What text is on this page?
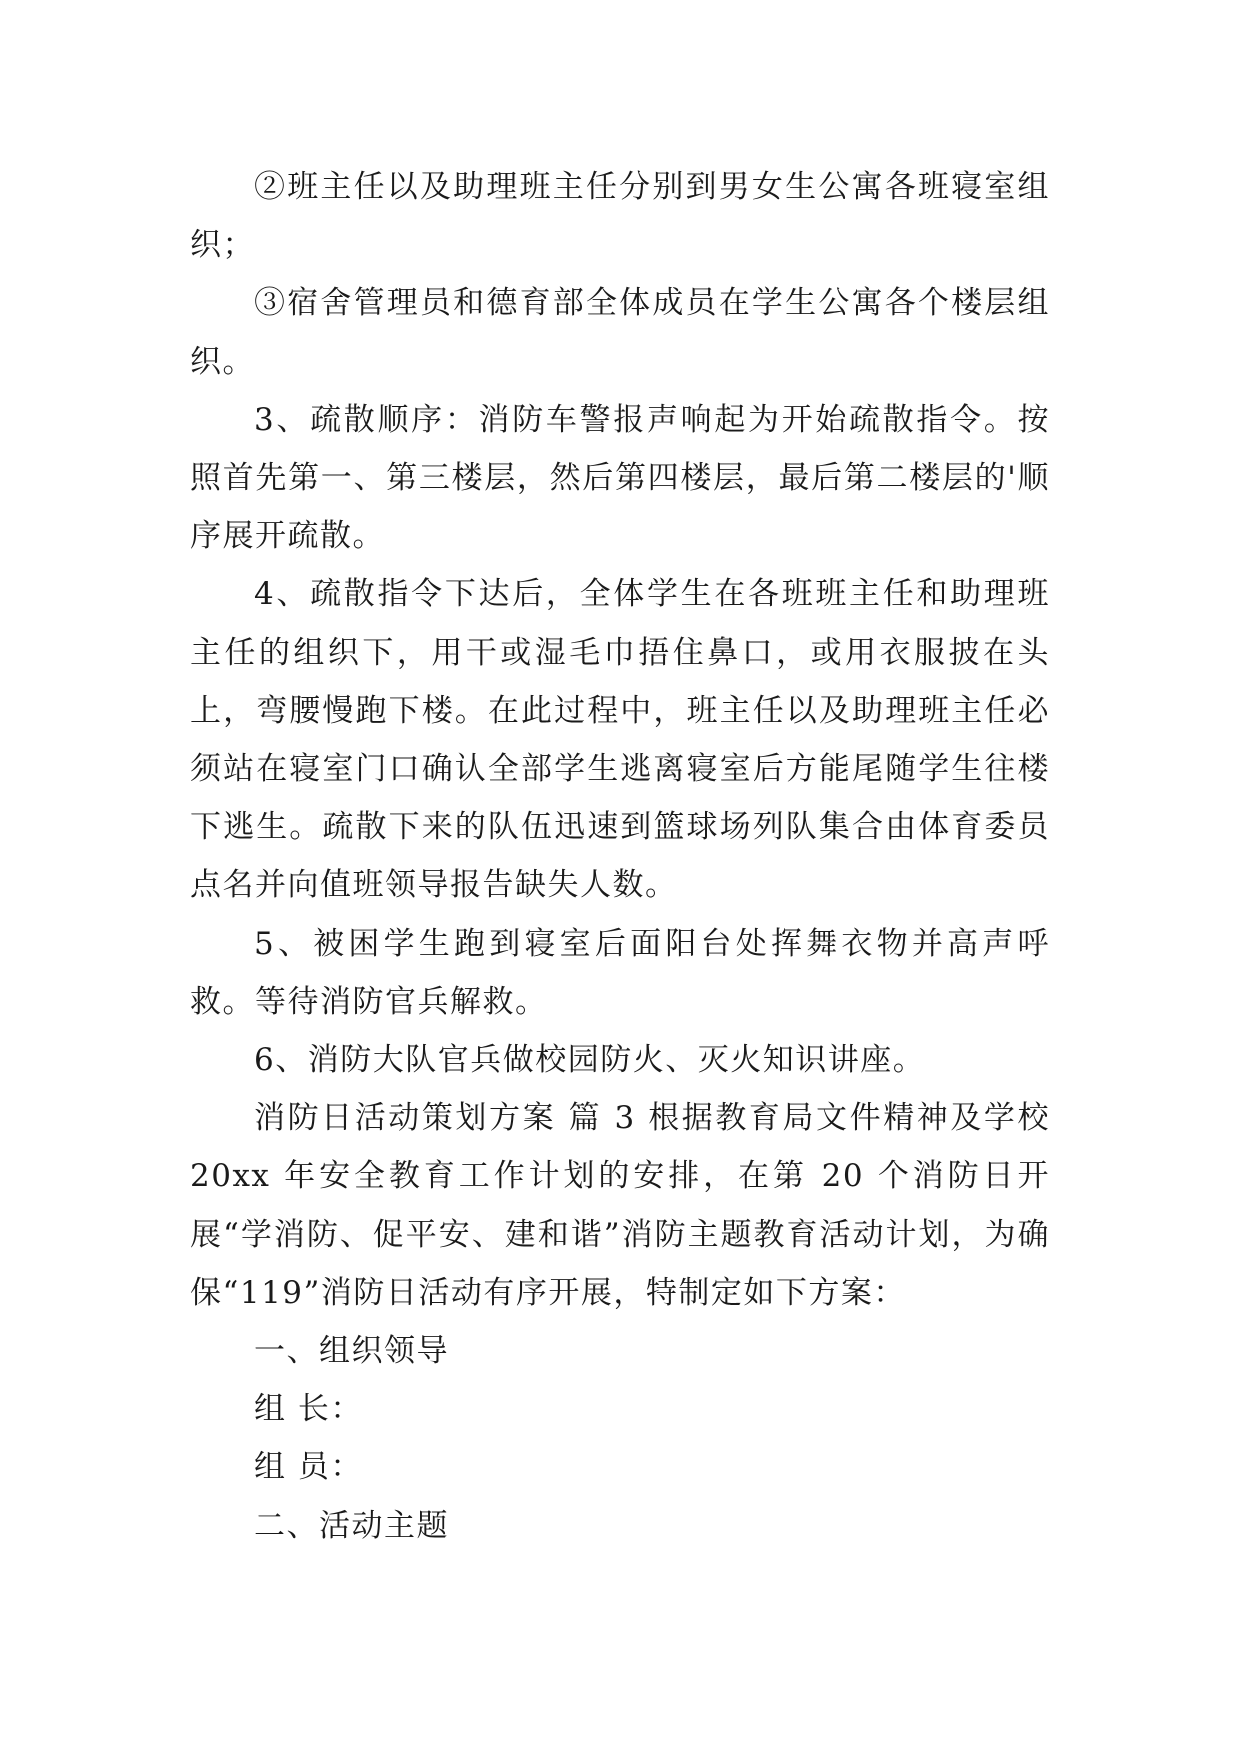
②班主任以及助理班主任分别到男女生公寓各班寝室组织；

③宿舍管理员和德育部全体成员在学生公寓各个楼层组织。

3、疏散顺序：消防车警报声响起为开始疏散指令。按照首先第一、第三楼层，然后第四楼层，最后第二楼层的'顺序展开疏散。

4、疏散指令下达后，全体学生在各班班主任和助理班主任的组织下，用干或湿毛巾捂住鼻口，或用衣服披在头上，弯腰慢跑下楼。在此过程中，班主任以及助理班主任必须站在寝室门口确认全部学生逃离寝室后方能尾随学生往楼下逃生。疏散下来的队伍迅速到篮球场列队集合由体育委员点名并向值班领导报告缺失人数。

5、被困学生跑到寝室后面阳台处挥舞衣物并高声呼救。等待消防官兵解救。

6、消防大队官兵做校园防火、灭火知识讲座。

消防日活动策划方案 篇 3 根据教育局文件精神及学校 20xx 年安全教育工作计划的安排，在第 20 个消防日开展“学消防、促平安、建和谐”消防主题教育活动计划，为确保“119”消防日活动有序开展，特制定如下方案：

一、组织领导

组 长：

组 员：

二、活动主题
